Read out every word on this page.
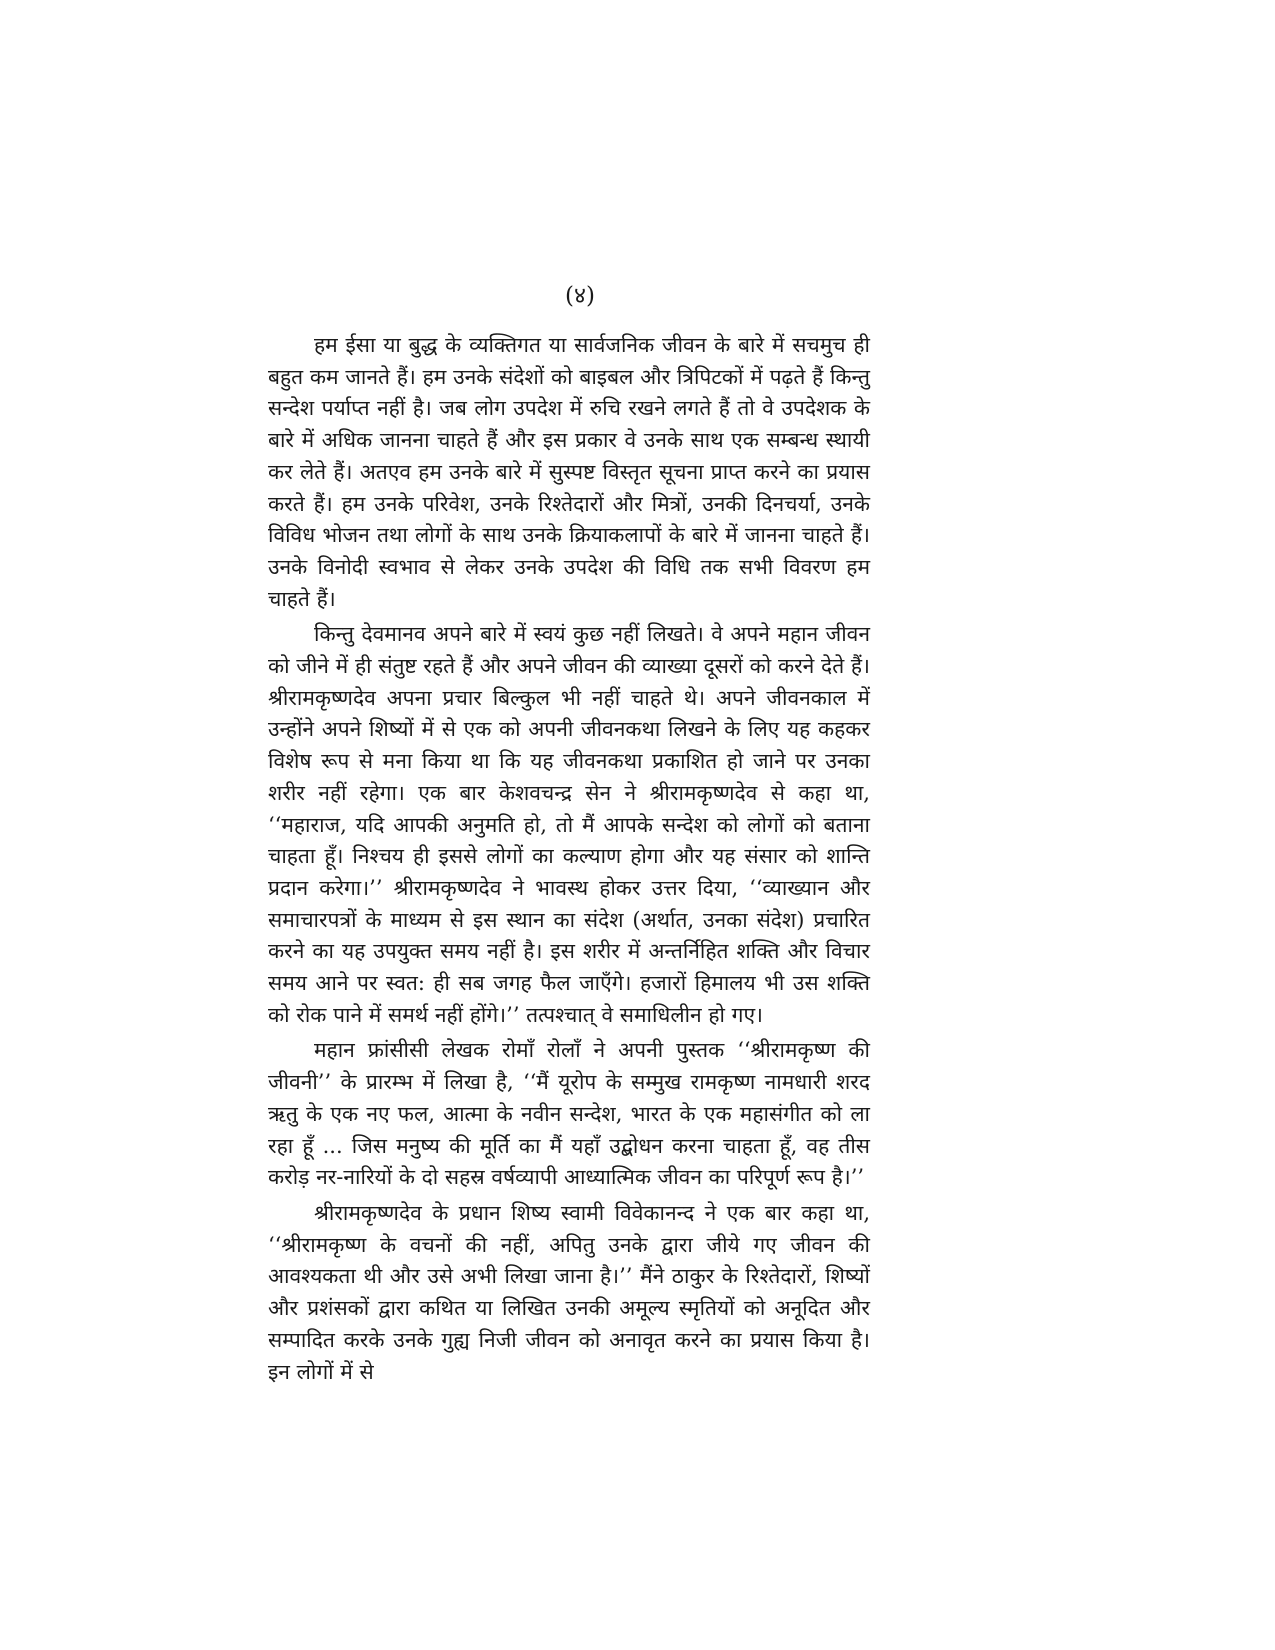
(४)

हम ईसा या बुद्ध के व्यक्तिगत या सार्वजनिक जीवन के बारे में सचमुच ही बहुत कम जानते हैं। हम उनके संदेशों को बाइबल और त्रिपिटकों में पढ़ते हैं किन्तु सन्देश पर्याप्त नहीं है। जब लोग उपदेश में रुचि रखने लगते हैं तो वे उपदेशक के बारे में अधिक जानना चाहते हैं और इस प्रकार वे उनके साथ एक सम्बन्ध स्थायी कर लेते हैं। अतएव हम उनके बारे में सुस्पष्ट विस्तृत सूचना प्राप्त करने का प्रयास करते हैं। हम उनके परिवेश, उनके रिश्तेदारों और मित्रों, उनकी दिनचर्या, उनके विविध भोजन तथा लोगों के साथ उनके क्रियाकलापों के बारे में जानना चाहते हैं। उनके विनोदी स्वभाव से लेकर उनके उपदेश की विधि तक सभी विवरण हम चाहते हैं।

किन्तु देवमानव अपने बारे में स्वयं कुछ नहीं लिखते। वे अपने महान जीवन को जीने में ही संतुष्ट रहते हैं और अपने जीवन की व्याख्या दूसरों को करने देते हैं। श्रीरामकृष्णदेव अपना प्रचार बिल्कुल भी नहीं चाहते थे। अपने जीवनकाल में उन्होंने अपने शिष्यों में से एक को अपनी जीवनकथा लिखने के लिए यह कहकर विशेष रूप से मना किया था कि यह जीवनकथा प्रकाशित हो जाने पर उनका शरीर नहीं रहेगा। एक बार केशवचन्द्र सेन ने श्रीरामकृष्णदेव से कहा था, ‘‘महाराज, यदि आपकी अनुमति हो, तो मैं आपके सन्देश को लोगों को बताना चाहता हूँ। निश्चय ही इससे लोगों का कल्याण होगा और यह संसार को शान्ति प्रदान करेगा।’’ श्रीरामकृष्णदेव ने भावस्थ होकर उत्तर दिया, ‘‘व्याख्यान और समाचारपत्रों के माध्यम से इस स्थान का संदेश (अर्थात, उनका संदेश) प्रचारित करने का यह उपयुक्त समय नहीं है। इस शरीर में अन्तर्निहित शक्ति और विचार समय आने पर स्वत: ही सब जगह फैल जाएँगे। हजारों हिमालय भी उस शक्ति को रोक पाने में समर्थ नहीं होंगे।’’ तत्पश्चात् वे समाधिलीन हो गए।

महान फ्रांसीसी लेखक रोमाँ रोलाँ ने अपनी पुस्तक ‘‘श्रीरामकृष्ण की जीवनी’’ के प्रारम्भ में लिखा है, ‘‘मैं यूरोप के सम्मुख रामकृष्ण नामधारी शरद ऋतु के एक नए फल, आत्मा के नवीन सन्देश, भारत के एक महासंगीत को ला रहा हूँ ... जिस मनुष्य की मूर्ति का मैं यहाँ उद्बोधन करना चाहता हूँ, वह तीस करोड़ नर-नारियों के दो सहस्र वर्षव्यापी आध्यात्मिक जीवन का परिपूर्ण रूप है।’’

श्रीरामकृष्णदेव के प्रधान शिष्य स्वामी विवेकानन्द ने एक बार कहा था, ‘‘श्रीरामकृष्ण के वचनों की नहीं, अपितु उनके द्वारा जीये गए जीवन की आवश्यकता थी और उसे अभी लिखा जाना है।’’ मैंने ठाकुर के रिश्तेदारों, शिष्यों और प्रशंसकों द्वारा कथित या लिखित उनकी अमूल्य स्मृतियों को अनूदित और सम्पादित करके उनके गुह्य निजी जीवन को अनावृत करने का प्रयास किया है। इन लोगों में से
